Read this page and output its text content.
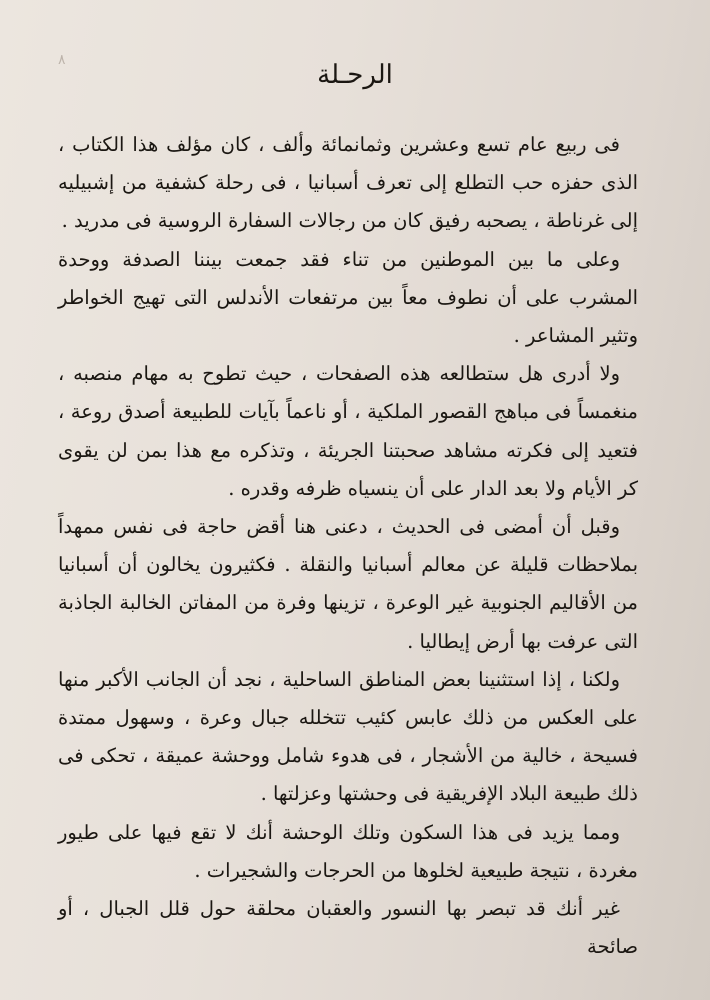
٨	الرحـلة

فى ربيع عام تسع وعشرين وثمانمائة وألف ، كان مؤلف هذا الكتاب ، الذى حفزه حب التطلع إلى تعرف أسبانيا ، فى رحلة كشفية من إشبيليه إلى غرناطة ، يصحبه رفيق كان من رجالات السفارة الروسية فى مدريد .

وعلى ما بين الموطنين من تناء فقد جمعت بيننا الصدفة ووحدة المشرب على أن نطوف معاً بين مرتفعات الأندلس التى تهيج الخواطر وتثير المشاعر .

ولا أدرى هل ستطالعه هذه الصفحات ، حيث تطوح به مهام منصبه ، منغمساً فى مباهج القصور الملكية ، أو ناعماً بآيات للطبيعة أصدق روعة ، فتعيد إلى فكرته مشاهد صحبتنا الجريئة ، وتذكره مع هذا بمن لن يقوى كر الأيام ولا بعد الدار على أن ينسياه ظرفه وقدره .

وقبل أن أمضى فى الحديث ، دعنى هنا أقض حاجة فى نفس ممهداً بملاحظات قليلة عن معالم أسبانيا والنقلة . فكثيرون يخالون أن أسبانيا من الأقاليم الجنوبية غير الوعرة ، تزينها وفرة من المفاتن الخالبة الجاذبة التى عرفت بها أرض إيطاليا .

ولكنا ، إذا استثنينا بعض المناطق الساحلية ، نجد أن الجانب الأكبر منها على العكس من ذلك عابس كئيب تتخلله جبال وعرة ، وسهول ممتدة فسيحة ، خالية من الأشجار ، فى هدوء شامل ووحشة عميقة ، تحكى فى ذلك طبيعة البلاد الإفريقية فى وحشتها وعزلتها .

ومما يزيد فى هذا السكون وتلك الوحشة أنك لا تقع فيها على طيور مغردة ، نتيجة طبيعية لخلوها من الحرجات والشجيرات .

غير أنك قد تبصر بها النسور والعقبان محلقة حول قلل الجبال ، أو صائحة
